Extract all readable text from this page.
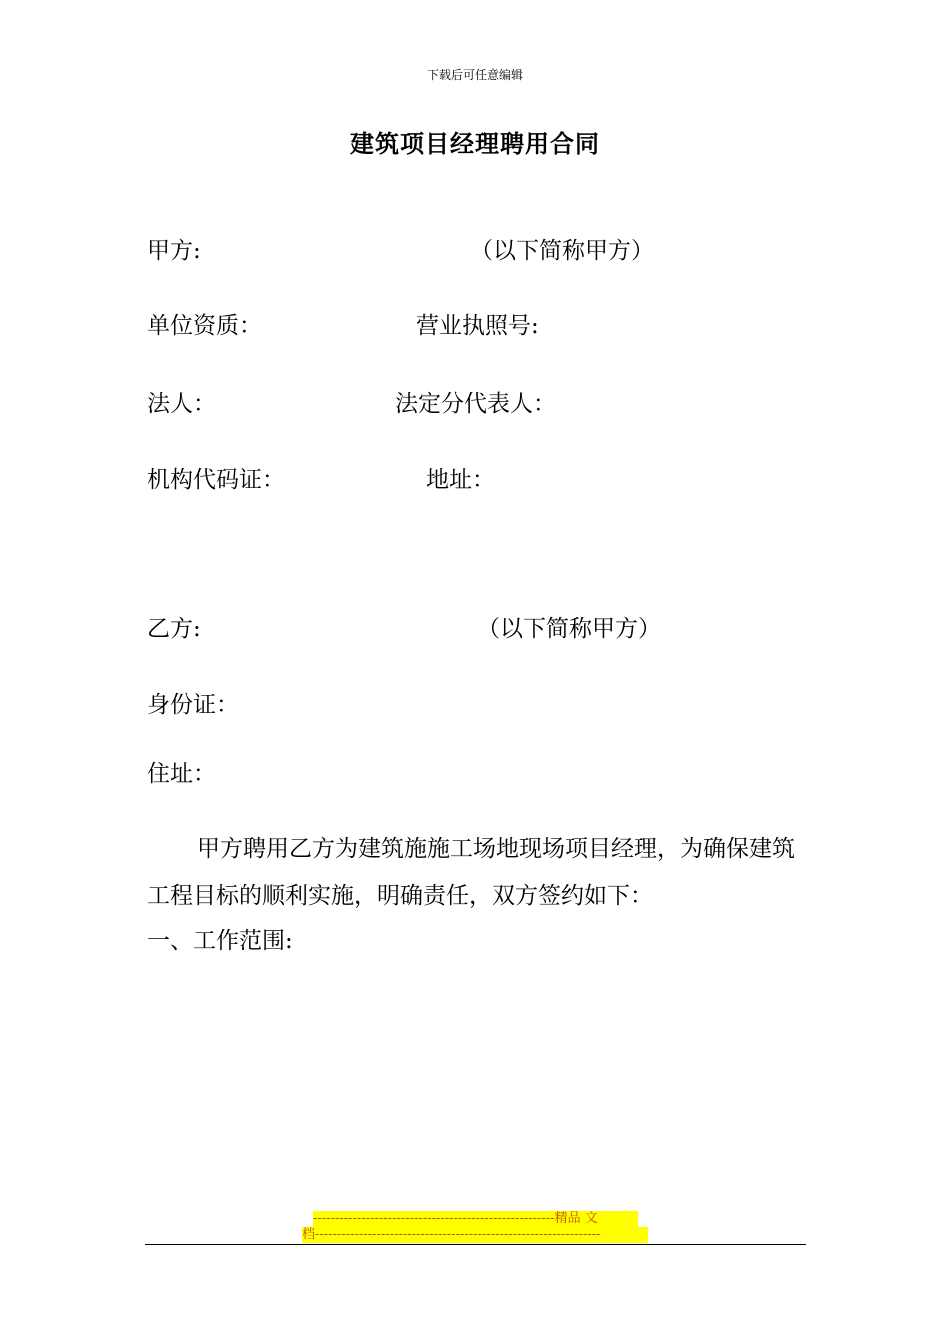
下载后可任意编辑
建筑项目经理聘用合同
甲方:	（以下简称甲方）
单位资质：	营业执照号:
法人：	法定分代表人：
机构代码证：	地址：
乙方:	（以下简称甲方）
身份证：
住址：
甲方聘用乙方为建筑施施工场地现场项目经理，为确保建筑工程目标的顺利实施，明确责任，双方签约如下：
一、工作范围:
-------------------------------------------------------精品 文
档-----------------------------------------------------------------
